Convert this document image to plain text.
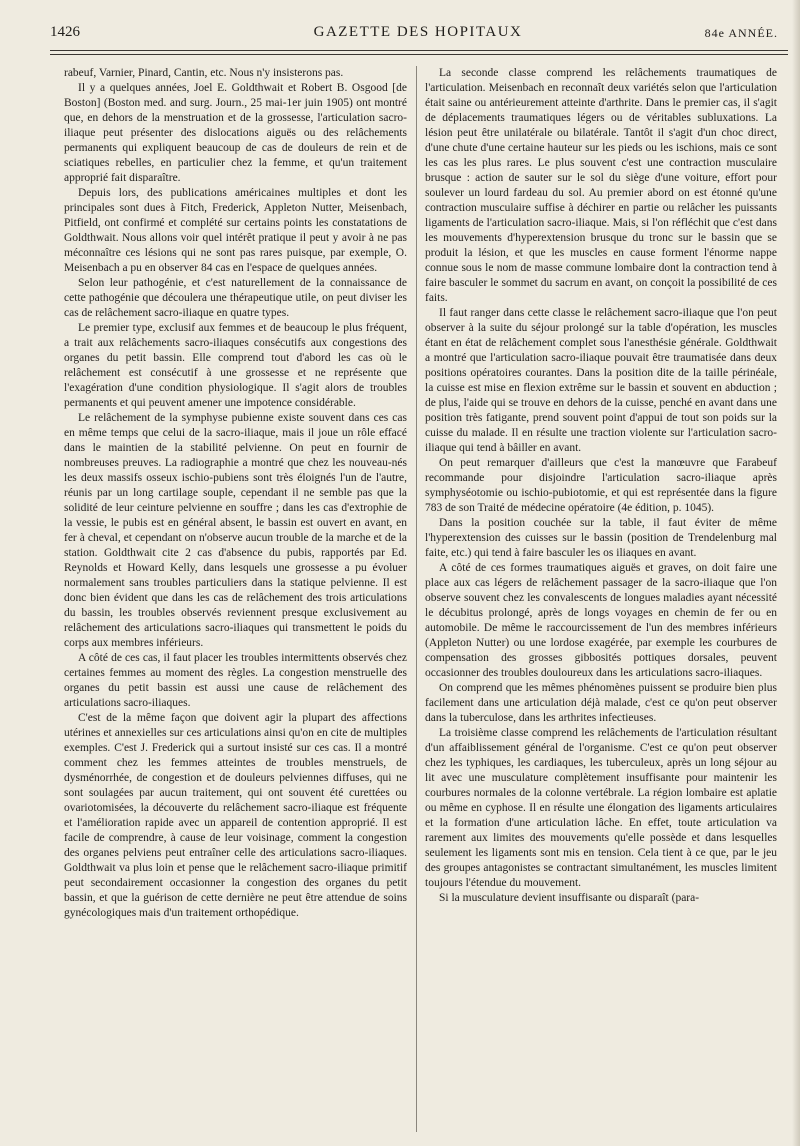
1426	GAZETTE DES HOPITAUX	84e ANNÉE.

rabeuf, Varnier, Pinard, Cantin, etc. Nous n'y insisterons pas.

Il y a quelques années, Joel E. Goldthwait et Robert B. Osgood [de Boston] (Boston med. and surg. Journ., 25 mai-1er juin 1905) ont montré que, en dehors de la menstruation et de la grossesse, l'articulation sacro-iliaque peut présenter des dislocations aiguës ou des relâchements permanents qui expliquent beaucoup de cas de douleurs de rein et de sciatiques rebelles, en particulier chez la femme, et qu'un traitement approprié fait disparaître.

Depuis lors, des publications américaines multiples et dont les principales sont dues à Fitch, Frederick, Appleton Nutter, Meisenbach, Pitfield, ont confirmé et complété sur certains points les constatations de Goldthwait. Nous allons voir quel intérêt pratique il peut y avoir à ne pas méconnaître ces lésions qui ne sont pas rares puisque, par exemple, O. Meisenbach a pu en observer 84 cas en l'espace de quelques années.

Selon leur pathogénie, et c'est naturellement de la connaissance de cette pathogénie que découlera une thérapeutique utile, on peut diviser les cas de relâchement sacro-iliaque en quatre types.

Le premier type, exclusif aux femmes et de beaucoup le plus fréquent, a trait aux relâchements sacro-iliaques consécutifs aux congestions des organes du petit bassin. Elle comprend tout d'abord les cas où le relâchement est consécutif à une grossesse et ne représente que l'exagération d'une condition physiologique. Il s'agit alors de troubles permanents et qui peuvent amener une impotence considérable.

Le relâchement de la symphyse pubienne existe souvent dans ces cas en même temps que celui de la sacro-iliaque, mais il joue un rôle effacé dans le maintien de la stabilité pelvienne. On peut en fournir de nombreuses preuves. La radiographie a montré que chez les nouveau-nés les deux massifs osseux ischio-pubiens sont très éloignés l'un de l'autre, réunis par un long cartilage souple, cependant il ne semble pas que la solidité de leur ceinture pelvienne en souffre ; dans les cas d'extrophie de la vessie, le pubis est en général absent, le bassin est ouvert en avant, en fer à cheval, et cependant on n'observe aucun trouble de la marche et de la station. Goldthwait cite 2 cas d'absence du pubis, rapportés par Ed. Reynolds et Howard Kelly, dans lesquels une grossesse a pu évoluer normalement sans troubles particuliers dans la statique pelvienne. Il est donc bien évident que dans les cas de relâchement des trois articulations du bassin, les troubles observés reviennent presque exclusivement au relâchement des articulations sacro-iliaques qui transmettent le poids du corps aux membres inférieurs.

A côté de ces cas, il faut placer les troubles intermittents observés chez certaines femmes au moment des règles. La congestion menstruelle des organes du petit bassin est aussi une cause de relâchement des articulations sacro-iliaques.

C'est de la même façon que doivent agir la plupart des affections utérines et annexielles sur ces articulations ainsi qu'on en cite de multiples exemples. C'est J. Frederick qui a surtout insisté sur ces cas. Il a montré comment chez les femmes atteintes de troubles menstruels, de dysménorrhée, de congestion et de douleurs pelviennes diffuses, qui ne sont soulagées par aucun traitement, qui ont souvent été curettées ou ovariotomisées, la découverte du relâchement sacro-iliaque est fréquente et l'amélioration rapide avec un appareil de contention approprié. Il est facile de comprendre, à cause de leur voisinage, comment la congestion des organes pelviens peut entraîner celle des articulations sacro-iliaques. Goldthwait va plus loin et pense que le relâchement sacro-iliaque primitif peut secondairement occasionner la congestion des organes du petit bassin, et que la guérison de cette dernière ne peut être attendue de soins gynécologiques mais d'un traitement orthopédique.

La seconde classe comprend les relâchements traumatiques de l'articulation. Meisenbach en reconnaît deux variétés selon que l'articulation était saine ou antérieurement atteinte d'arthrite. Dans le premier cas, il s'agit de déplacements traumatiques légers ou de véritables subluxations. La lésion peut être unilatérale ou bilatérale. Tantôt il s'agit d'un choc direct, d'une chute d'une certaine hauteur sur les pieds ou les ischions, mais ce sont les cas les plus rares. Le plus souvent c'est une contraction musculaire brusque : action de sauter sur le sol du siège d'une voiture, effort pour soulever un lourd fardeau du sol. Au premier abord on est étonné qu'une contraction musculaire suffise à déchirer en partie ou relâcher les puissants ligaments de l'articulation sacro-iliaque. Mais, si l'on réfléchit que c'est dans les mouvements d'hyperextension brusque du tronc sur le bassin que se produit la lésion, et que les muscles en cause forment l'énorme nappe connue sous le nom de masse commune lombaire dont la contraction tend à faire basculer le sommet du sacrum en avant, on conçoit la possibilité de ces faits.

Il faut ranger dans cette classe le relâchement sacro-iliaque que l'on peut observer à la suite du séjour prolongé sur la table d'opération, les muscles étant en état de relâchement complet sous l'anesthésie générale. Goldthwait a montré que l'articulation sacro-iliaque pouvait être traumatisée dans deux positions opératoires courantes. Dans la position dite de la taille périnéale, la cuisse est mise en flexion extrême sur le bassin et souvent en abduction ; de plus, l'aide qui se trouve en dehors de la cuisse, penché en avant dans une position très fatigante, prend souvent point d'appui de tout son poids sur la cuisse du malade. Il en résulte une traction violente sur l'articulation sacro-iliaque qui tend à bâiller en avant.

On peut remarquer d'ailleurs que c'est la manœuvre que Farabeuf recommande pour disjoindre l'articulation sacro-iliaque après symphyséotomie ou ischio-pubiotomie, et qui est représentée dans la figure 783 de son Traité de médecine opératoire (4e édition, p. 1045).

Dans la position couchée sur la table, il faut éviter de même l'hyperextension des cuisses sur le bassin (position de Trendelenburg mal faite, etc.) qui tend à faire basculer les os iliaques en avant.

A côté de ces formes traumatiques aiguës et graves, on doit faire une place aux cas légers de relâchement passager de la sacro-iliaque que l'on observe souvent chez les convalescents de longues maladies ayant nécessité le décubitus prolongé, après de longs voyages en chemin de fer ou en automobile. De même le raccourcissement de l'un des membres inférieurs (Appleton Nutter) ou une lordose exagérée, par exemple les courbures de compensation des grosses gibbosités pottiques dorsales, peuvent occasionner des troubles douloureux dans les articulations sacro-iliaques.

On comprend que les mêmes phénomènes puissent se produire bien plus facilement dans une articulation déjà malade, c'est ce qu'on peut observer dans la tuberculose, dans les arthrites infectieuses.

La troisième classe comprend les relâchements de l'articulation résultant d'un affaiblissement général de l'organisme. C'est ce qu'on peut observer chez les typhiques, les cardiaques, les tuberculeux, après un long séjour au lit avec une musculature complètement insuffisante pour maintenir les courbures normales de la colonne vertébrale. La région lombaire est aplatie ou même en cyphose. Il en résulte une élongation des ligaments articulaires et la formation d'une articulation lâche. En effet, toute articulation va rarement aux limites des mouvements qu'elle possède et dans lesquelles seulement les ligaments sont mis en tension. Cela tient à ce que, par le jeu des groupes antagonistes se contractant simultanément, les muscles limitent toujours l'étendue du mouvement.

Si la musculature devient insuffisante ou disparaît (para-
